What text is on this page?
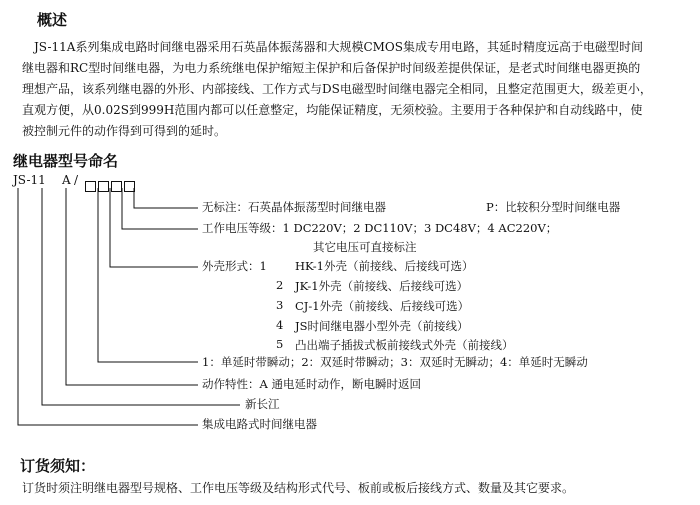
概述
JS-11A系列集成电路时间继电器采用石英晶体振荡器和大规模CMOS集成专用电路，其延时精度远高于电磁型时间
继电器和RC型时间继电器，为电力系统继电保护缩短主保护和后备保护时间级差提供保证，是老式时间继电器更换的
理想产品，该系列继电器的外形、内部接线、工作方式与DS电磁型时间继电器完全相同，且整定范围更大，级差更小，
直观方便，从0.02S到999H范围内都可以任意整定，均能保证精度，无须校验。主要用于各种保护和自动线路中，使
被控制元件的动作得到可得到的延时。
继电器型号命名
JS-11 A /
无标注：石英晶体振荡型时间继电器	P：比较积分型时间继电器
工作电压等级：1 DC220V；2 DC110V；3 DC48V；4 AC220V；
其它电压可直接标注
外壳形式：1 HK-1外壳（前接线、后接线可选）
2 JK-1外壳（前接线、后接线可选）
3 CJ-1外壳（前接线、后接线可选）
4 JS时间继电器小型外壳（前接线）
5 凸出端子插拔式板前接线式外壳（前接线）
1：单延时带瞬动；2：双延时带瞬动；3：双延时无瞬动；4：单延时无瞬动
动作特性：A 通电延时动作，断电瞬时返回
新长江
集成电路式时间继电器
订货须知：
订货时须注明继电器型号规格、工作电压等级及结构形式代号、板前或板后接线方式、数量及其它要求。
